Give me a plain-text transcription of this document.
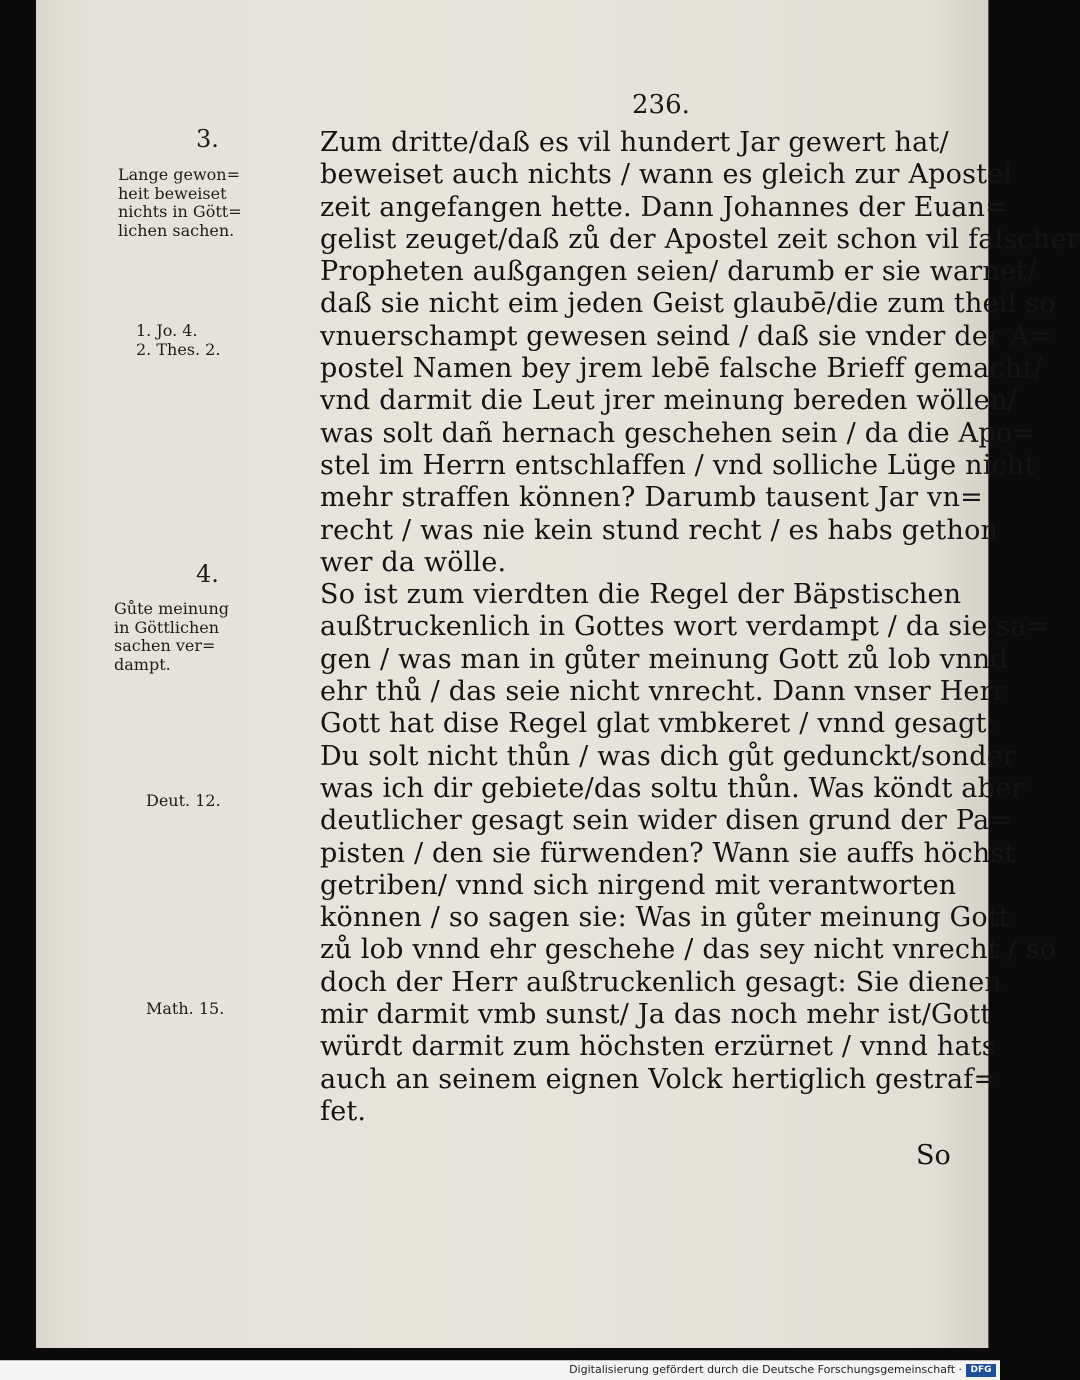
236.
Zum dritte/daß es vil hundert Jar gewert hat/
beweiset auch nichts / wann es gleich zur Apostel
zeit angefangen hette. Dann Johannes der Euan=
gelist zeuget/daß zů der Apostel zeit schon vil falscher
Propheten außgangen seien/ darumb er sie warnet/
daß sie nicht eim jeden Geist glaubē/die zum theil so
vnuerschampt gewesen seind / daß sie vnder der A=
postel Namen bey jrem lebē falsche Brieff gemacht/
vnd darmit die Leut jrer meinung bereden wöllen/
was solt dañ hernach geschehen sein / da die Apo=
stel im Herrn entschlaffen / vnd solliche Lüge nicht
mehr straffen können? Darumb tausent Jar vn=
recht / was nie kein stund recht / es habs gethon
wer da wölle.
So ist zum vierdten die Regel der Bäpstischen
außtruckenlich in Gottes wort verdampt / da sie sa=
gen / was man in gůter meinung Gott zů lob vnnd
ehr thů / das seie nicht vnrecht. Dann vnser Herr
Gott hat dise Regel glat vmbkeret / vnnd gesagt:
Du solt nicht thůn / was dich gůt gedunckt/sonder
was ich dir gebiete/das soltu thůn. Was köndt aber
deutlicher gesagt sein wider disen grund der Pa=
pisten / den sie fürwenden? Wann sie auffs höchst
getriben/ vnnd sich nirgend mit verantworten
können / so sagen sie: Was in gůter meinung Gott
zů lob vnnd ehr geschehe / das sey nicht vnrecht / so
doch der Herr außtruckenlich gesagt: Sie dienen
mir darmit vmb sunst/ Ja das noch mehr ist/Gott
würdt darmit zum höchsten erzürnet / vnnd hats
auch an seinem eignen Volck hertiglich gestraf=
fet.
3.
Lange gewon=
heit beweiset
nichts in Gött=
lichen sachen.
1. Jo. 4.
2. Thes. 2.
4.
Gůte meinung
in Göttlichen
sachen ver=
dampt.
Deut. 12.
Math. 15.
So
Digitalisierung gefördert durch die Deutsche Forschungsgemeinschaft · DFG
